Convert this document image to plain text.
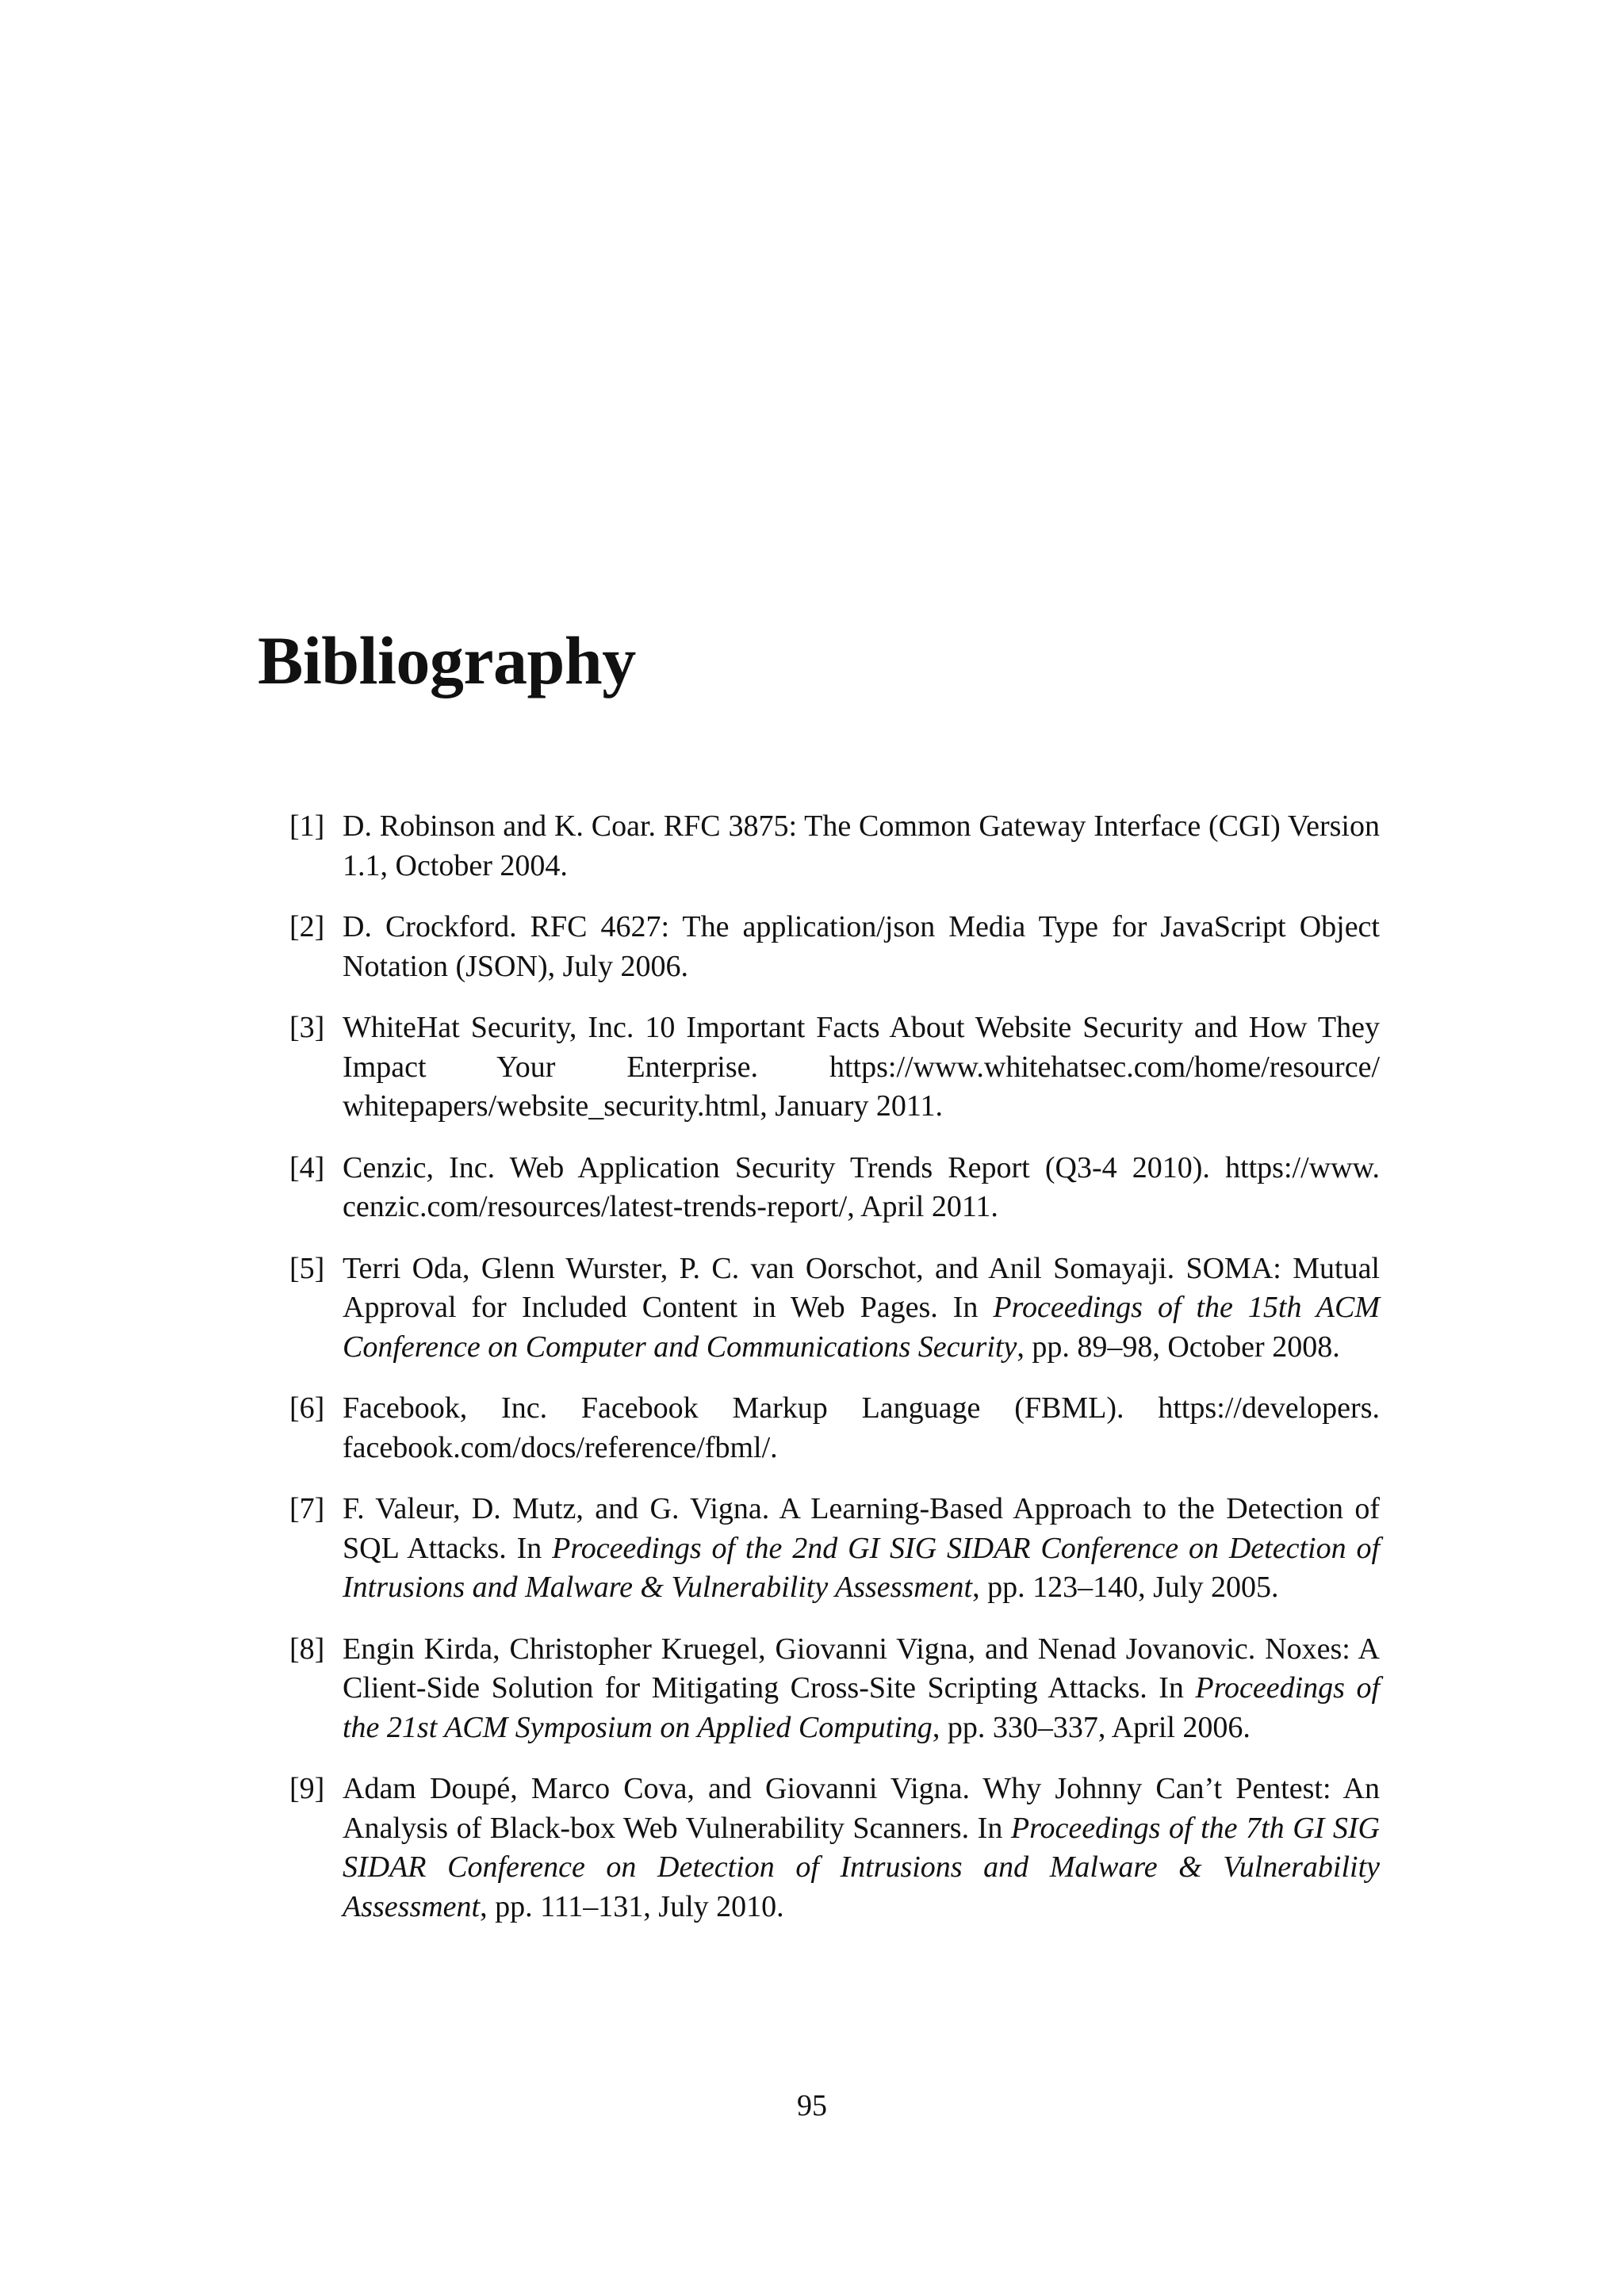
Bibliography
[1] D. Robinson and K. Coar. RFC 3875: The Common Gateway Interface (CGI) Version 1.1, October 2004.
[2] D. Crockford. RFC 4627: The application/json Media Type for JavaScript Object Notation (JSON), July 2006.
[3] WhiteHat Security, Inc. 10 Important Facts About Website Security and How They Impact Your Enterprise. https://www.whitehatsec.com/home/resource/ whitepapers/website_security.html, January 2011.
[4] Cenzic, Inc. Web Application Security Trends Report (Q3-4 2010). https://www. cenzic.com/resources/latest-trends-report/, April 2011.
[5] Terri Oda, Glenn Wurster, P. C. van Oorschot, and Anil Somayaji. SOMA: Mutual Approval for Included Content in Web Pages. In Proceedings of the 15th ACM Conference on Computer and Communications Security, pp. 89–98, October 2008.
[6] Facebook, Inc. Facebook Markup Language (FBML). https://developers. facebook.com/docs/reference/fbml/.
[7] F. Valeur, D. Mutz, and G. Vigna. A Learning-Based Approach to the Detection of SQL Attacks. In Proceedings of the 2nd GI SIG SIDAR Conference on Detection of Intrusions and Malware & Vulnerability Assessment, pp. 123–140, July 2005.
[8] Engin Kirda, Christopher Kruegel, Giovanni Vigna, and Nenad Jovanovic. Noxes: A Client-Side Solution for Mitigating Cross-Site Scripting Attacks. In Proceedings of the 21st ACM Symposium on Applied Computing, pp. 330–337, April 2006.
[9] Adam Doupé, Marco Cova, and Giovanni Vigna. Why Johnny Can’t Pentest: An Analysis of Black-box Web Vulnerability Scanners. In Proceedings of the 7th GI SIG SIDAR Conference on Detection of Intrusions and Malware & Vulnerability Assessment, pp. 111–131, July 2010.
95
